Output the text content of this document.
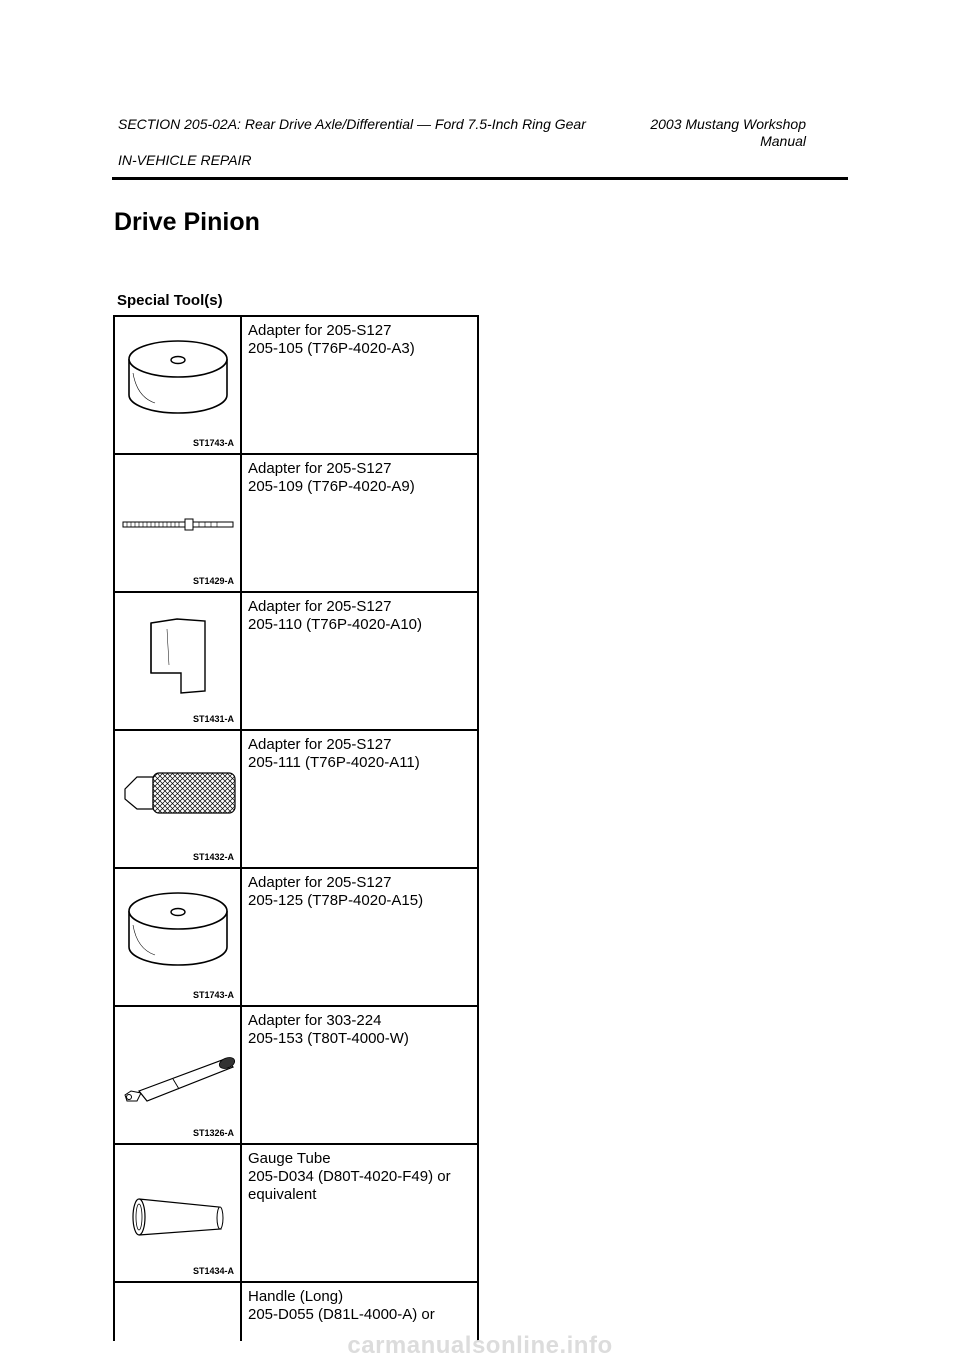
SECTION 205-02A: Rear Drive Axle/Differential — Ford 7.5-Inch Ring Gear	2003 Mustang Workshop Manual
IN-VEHICLE REPAIR
Drive Pinion
Special Tool(s)
ST1743-A	Adapter for 205-S127
205-105 (T76P-4020-A3)

ST1429-A	Adapter for 205-S127
205-109 (T76P-4020-A9)

ST1431-A	Adapter for 205-S127
205-110 (T76P-4020-A10)

ST1432-A	Adapter for 205-S127
205-111 (T76P-4020-A11)

ST1743-A	Adapter for 205-S127
205-125 (T78P-4020-A15)

ST1326-A	Adapter for 303-224
205-153 (T80T-4000-W)

ST1434-A	Gauge Tube
205-D034 (D80T-4020-F49) or
equivalent

	Handle (Long)
205-D055 (D81L-4000-A) or
carmanualsonline.info
